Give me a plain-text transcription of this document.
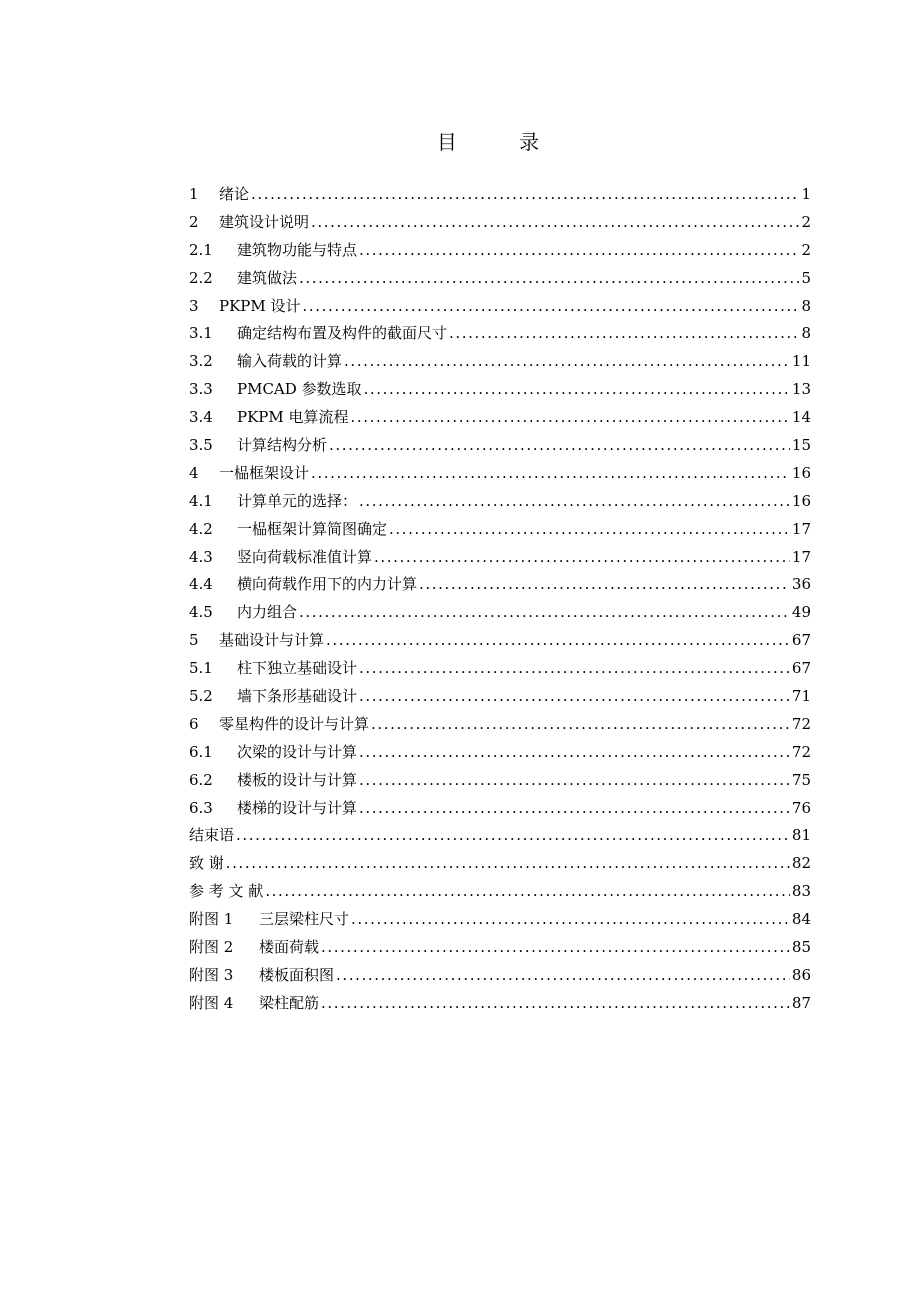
目 录
1	绪论 .....	1
2	建筑设计说明 .....	2
2.1	建筑物功能与特点 .....	2
2.2	建筑做法 .....	5
3	PKPM 设计 .....	8
3.1	确定结构布置及构件的截面尺寸 .....	8
3.2	输入荷载的计算 .....	11
3.3	PMCAD 参数选取 .....	13
3.4	PKPM 电算流程 .....	14
3.5	计算结构分析 .....	15
4	一榀框架设计 .....	16
4.1	计算单元的选择： .....	16
4.2	一榀框架计算简图确定 .....	17
4.3	竖向荷载标准值计算 .....	17
4.4	横向荷载作用下的内力计算 .....	36
4.5	内力组合 .....	49
5	基础设计与计算 .....	67
5.1	柱下独立基础设计 .....	67
5.2	墙下条形基础设计 .....	71
6	零星构件的设计与计算 .....	72
6.1	次梁的设计与计算 .....	72
6.2	楼板的设计与计算 .....	75
6.3	楼梯的设计与计算 .....	76
结束语 .....	81
致 谢 .....	82
参 考 文 献 .....	83
附图 1	三层梁柱尺寸 .....	84
附图 2	楼面荷载 .....	85
附图 3	楼板面积图 .....	86
附图 4	梁柱配筋 .....	87
